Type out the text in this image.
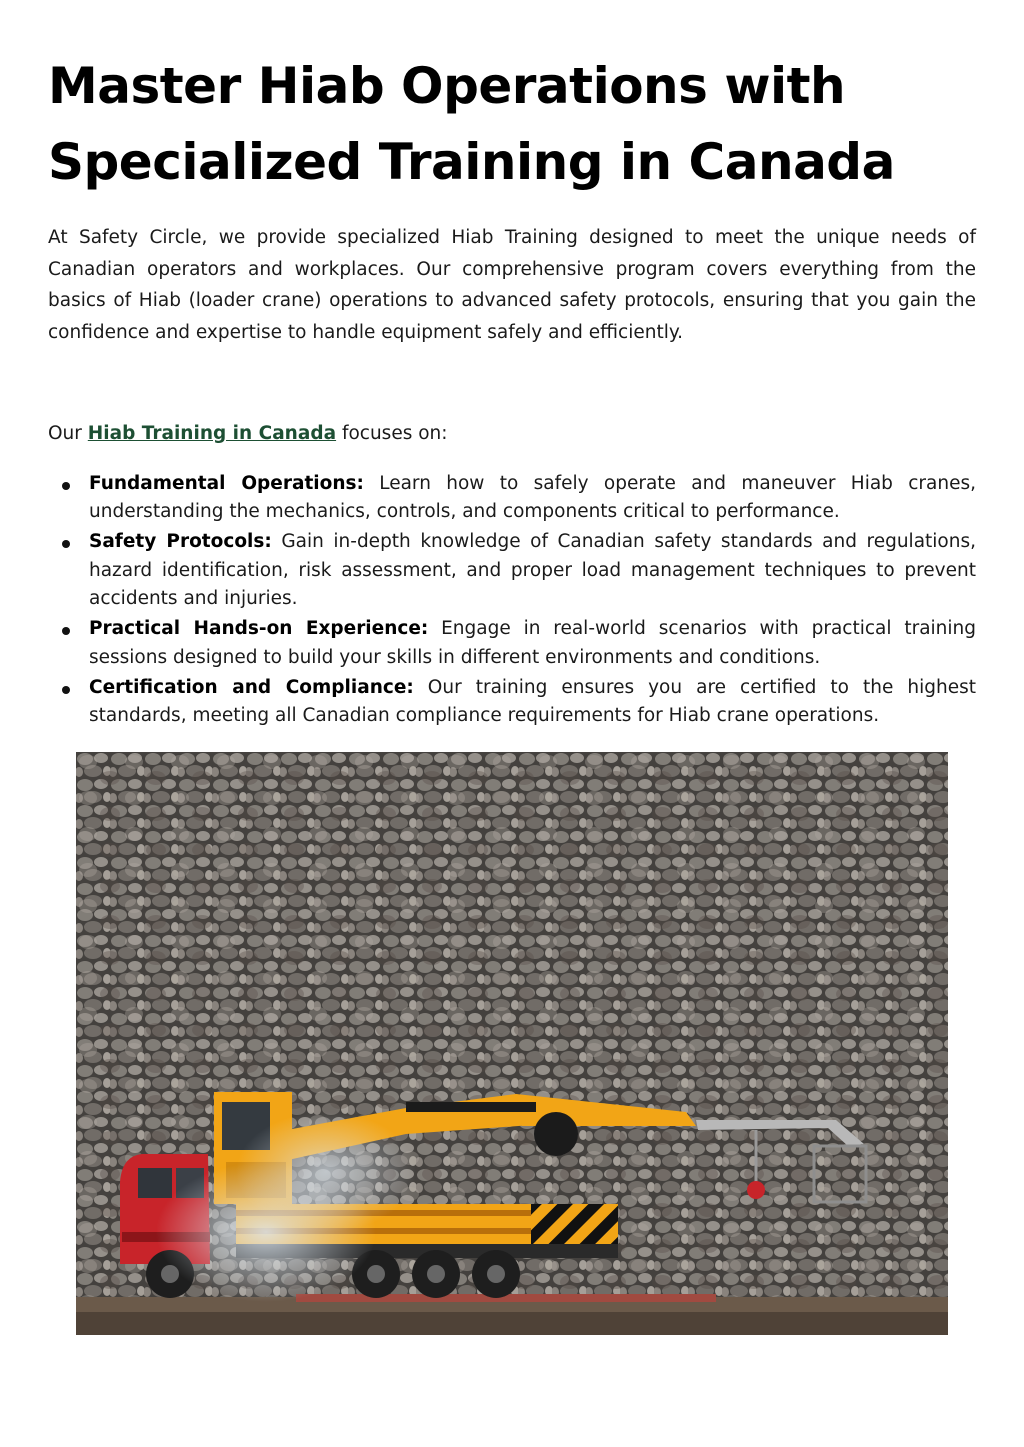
Master Hiab Operations with
Specialized Training in Canada

At Safety Circle, we provide specialized Hiab Training designed to meet the unique needs of Canadian operators and workplaces. Our comprehensive program covers everything from the basics of Hiab (loader crane) operations to advanced safety protocols, ensuring that you gain the confidence and expertise to handle equipment safely and efficiently.

Our Hiab Training in Canada focuses on:

Fundamental Operations: Learn how to safely operate and maneuver Hiab cranes, understanding the mechanics, controls, and components critical to performance.
Safety Protocols: Gain in-depth knowledge of Canadian safety standards and regulations, hazard identification, risk assessment, and proper load management techniques to prevent accidents and injuries.
Practical Hands-on Experience: Engage in real-world scenarios with practical training sessions designed to build your skills in different environments and conditions.
Certification and Compliance: Our training ensures you are certified to the highest standards, meeting all Canadian compliance requirements for Hiab crane operations.
